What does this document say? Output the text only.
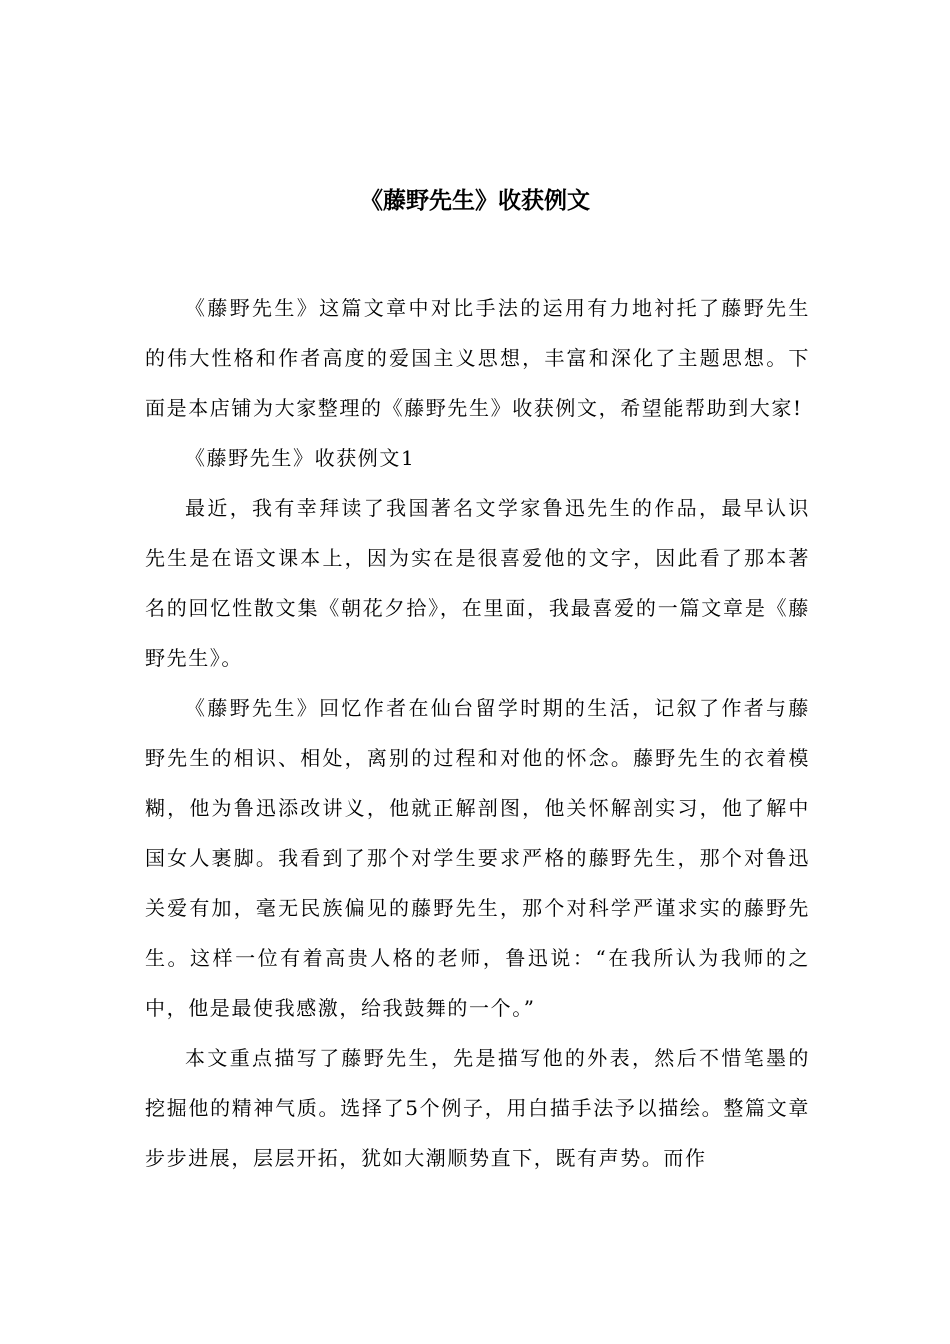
《藤野先生》收获例文

《藤野先生》这篇文章中对比手法的运用有力地衬托了藤野先生的伟大性格和作者高度的爱国主义思想，丰富和深化了主题思想。下面是本店铺为大家整理的《藤野先生》收获例文，希望能帮助到大家!

《藤野先生》收获例文1

最近，我有幸拜读了我国著名文学家鲁迅先生的作品，最早认识先生是在语文课本上，因为实在是很喜爱他的文字，因此看了那本著名的回忆性散文集《朝花夕拾》，在里面，我最喜爱的一篇文章是《藤野先生》。

《藤野先生》回忆作者在仙台留学时期的生活，记叙了作者与藤野先生的相识、相处，离别的过程和对他的怀念。藤野先生的衣着模糊，他为鲁迅添改讲义，他就正解剖图，他关怀解剖实习，他了解中国女人裹脚。我看到了那个对学生要求严格的藤野先生，那个对鲁迅关爱有加，毫无民族偏见的藤野先生，那个对科学严谨求实的藤野先生。这样一位有着高贵人格的老师，鲁迅说：“在我所认为我师的之中，他是最使我感激，给我鼓舞的一个。”

本文重点描写了藤野先生，先是描写他的外表，然后不惜笔墨的挖掘他的精神气质。选择了5个例子，用白描手法予以描绘。整篇文章步步进展，层层开拓，犹如大潮顺势直下，既有声势。而作
